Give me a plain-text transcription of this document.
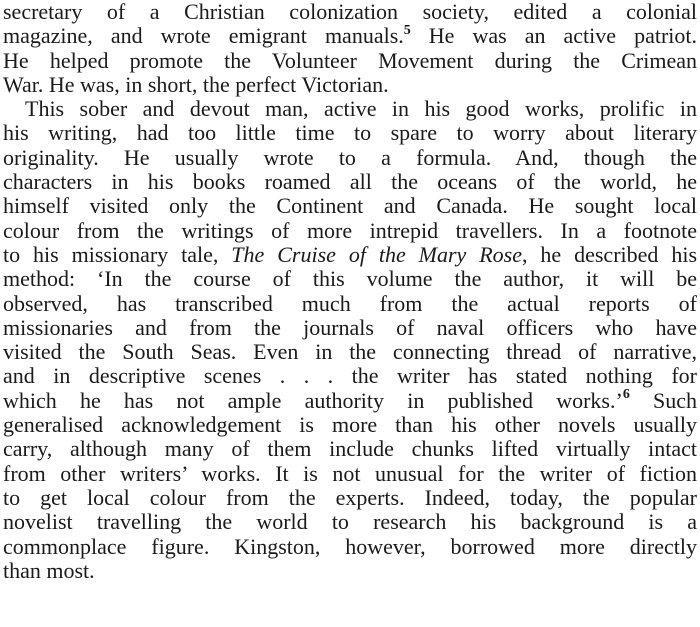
secretary of a Christian colonization society, edited a colonial
magazine, and wrote emigrant manuals.$^5$ He was an active patriot.
He helped promote the Volunteer Movement during the Crimean
War. He was, in short, the perfect Victorian.
This sober and devout man, active in his good works, prolific in
his writing, had too little time to spare to worry about literary
originality. He usually wrote to a formula. And, though the
characters in his books roamed all the oceans of the world, he
himself visited only the Continent and Canada. He sought local
colour from the writings of more intrepid travellers. In a footnote
to his missionary tale, The Cruise of the Mary Rose, he described his
method: ‘In the course of this volume the author, it will be
observed, has transcribed much from the actual reports of
missionaries and from the journals of naval officers who have
visited the South Seas. Even in the connecting thread of narrative,
and in descriptive scenes . . . the writer has stated nothing for
which he has not ample authority in published works.’$^6$ Such
generalised acknowledgement is more than his other novels usually
carry, although many of them include chunks lifted virtually intact
from other writers’ works. It is not unusual for the writer of fiction
to get local colour from the experts. Indeed, today, the popular
novelist travelling the world to research his background is a
commonplace figure. Kingston, however, borrowed more directly
than most.
